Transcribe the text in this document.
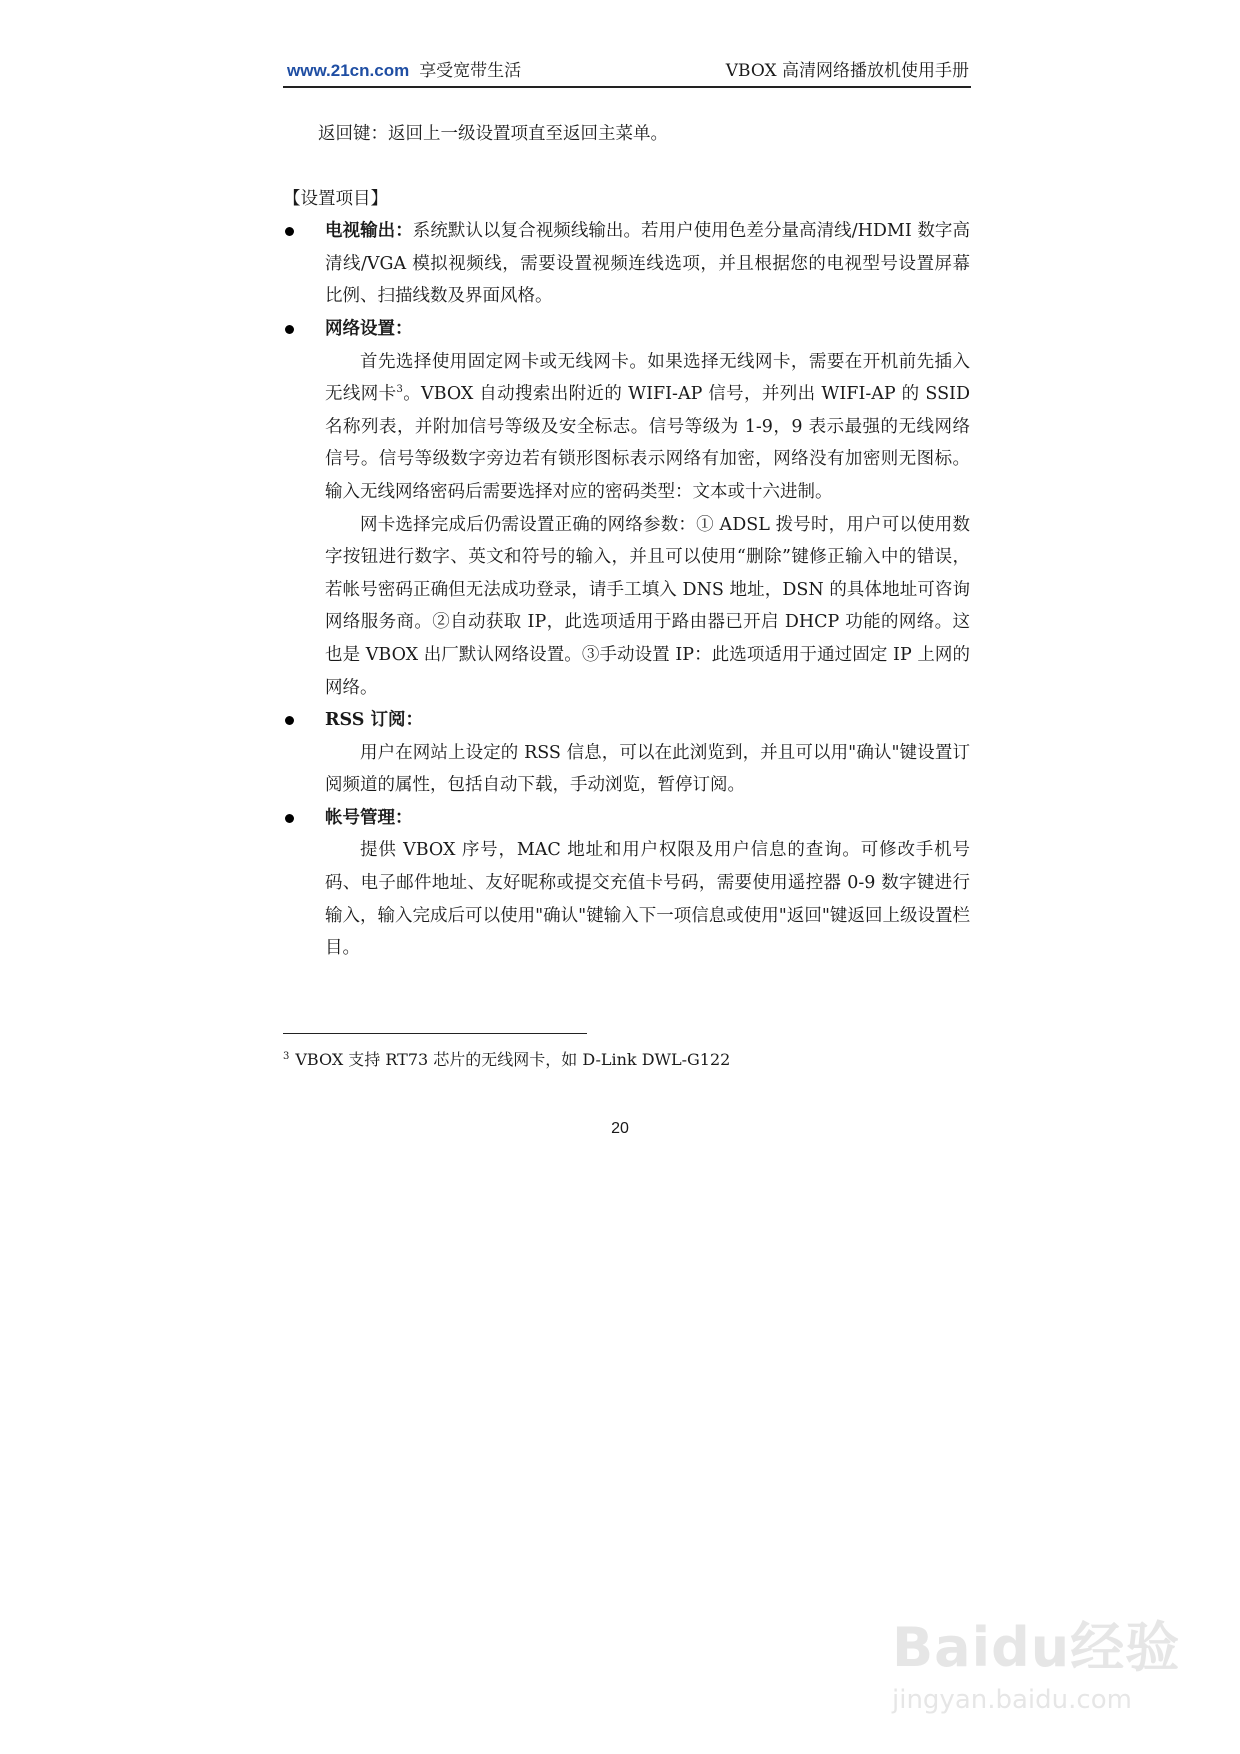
www.21cn.com 享受宽带生活	VBOX 高清网络播放机使用手册

返回键：返回上一级设置项直至返回主菜单。

【设置项目】

电视输出：系统默认以复合视频线输出。若用户使用色差分量高清线/HDMI 数字高清线/VGA 模拟视频线，需要设置视频连线选项，并且根据您的电视型号设置屏幕比例、扫描线数及界面风格。

网络设置：

首先选择使用固定网卡或无线网卡。如果选择无线网卡，需要在开机前先插入无线网卡$^3$。VBOX 自动搜索出附近的 WIFI-AP 信号，并列出 WIFI-AP 的 SSID 名称列表，并附加信号等级及安全标志。信号等级为 1-9，9 表示最强的无线网络信号。信号等级数字旁边若有锁形图标表示网络有加密，网络没有加密则无图标。输入无线网络密码后需要选择对应的密码类型：文本或十六进制。

网卡选择完成后仍需设置正确的网络参数：① ADSL 拨号时，用户可以使用数字按钮进行数字、英文和符号的输入，并且可以使用“删除”键修正输入中的错误，若帐号密码正确但无法成功登录，请手工填入 DNS 地址，DSN 的具体地址可咨询网络服务商。②自动获取 IP，此选项适用于路由器已开启 DHCP 功能的网络。这也是 VBOX 出厂默认网络设置。③手动设置 IP：此选项适用于通过固定 IP 上网的网络。

RSS 订阅：

用户在网站上设定的 RSS 信息，可以在此浏览到，并且可以用"确认"键设置订阅频道的属性，包括自动下载，手动浏览，暂停订阅。

帐号管理：

提供 VBOX 序号，MAC 地址和用户权限及用户信息的查询。可修改手机号码、电子邮件地址、友好昵称或提交充值卡号码，需要使用遥控器 0-9 数字键进行输入，输入完成后可以使用"确认"键输入下一项信息或使用"返回"键返回上级设置栏目。

$^3$ VBOX 支持 RT73 芯片的无线网卡，如 D-Link DWL-G122
20
Baidu经验
jingyan.baidu.com
